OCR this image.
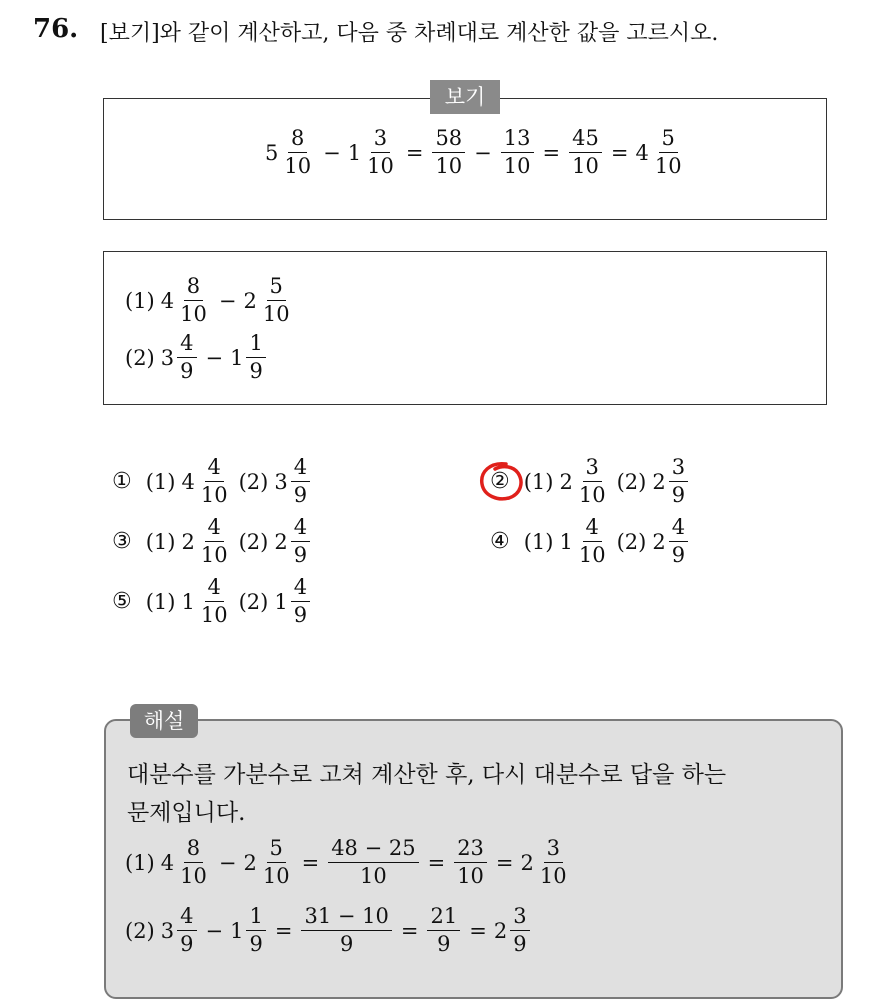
76. [보기]와 같이 계산하고, 다음 중 차례대로 계산한 값을 고르시오.
보기
$5 \frac{8}{10} - 1 \frac{3}{10} = \frac{58}{10} - \frac{13}{10} = \frac{45}{10} = 4 \frac{5}{10}$
(1) $4 \frac{8}{10} - 2 \frac{5}{10}$
(2) $3 \frac{4}{9} - 1 \frac{1}{9}$
① (1) $4 \frac{4}{10} (2)$ $3 \frac{4}{9}$	② (1) $2 \frac{3}{10} (2)$ $2 \frac{3}{9}$
③ (1) $2 \frac{4}{10} (2)$ $2 \frac{4}{9}$	④ (1) $1 \frac{4}{10} (2)$ $2 \frac{4}{9}$
⑤ (1) $1 \frac{4}{10} (2)$ $1 \frac{4}{9}$
해설
대분수를 가분수로 고쳐 계산한 후, 다시 대분수로 답을 하는
문제입니다.
(1) $4 \frac{8}{10} - 2 \frac{5}{10} = \frac{48 - 25}{10} = \frac{23}{10} = 2 \frac{3}{10}$
(2) $3 \frac{4}{9} - 1 \frac{1}{9} = \frac{31 - 10}{9} = \frac{21}{9} = 2 \frac{3}{9}$
